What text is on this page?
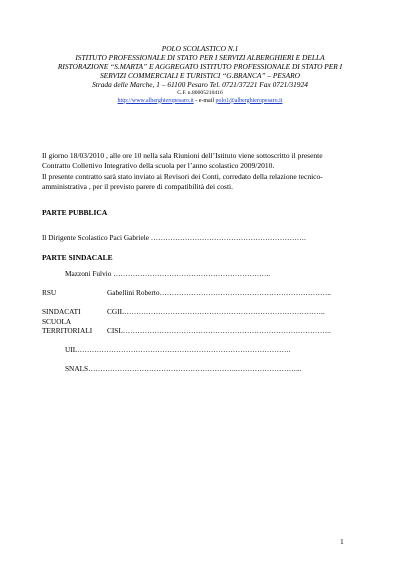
POLO SCOLASTICO N.1
ISTITUTO PROFESSIONALE DI STATO PER I SERVIZI ALBERGHIERI E DELLA
RISTORAZIONE “S.MARTA” E AGGREGATO ISTITUTO PROFESSIONALE DI STATO PER I
SERVIZI COMMERCIALI E TURISTICI “G.BRANCA” – PESARO
Strada delle Marche, 1 – 61100 Pesaro Tel. 0721/37221 Fax 0721/31924
C.F. n.80005210416
http://www.alberghieropesaro.it - e-mail polo1@alberghieropesaro.it
Il giorno 18/03/2010 , alle ore 10 nella sala Riunioni dell’Istituto viene sottoscritto il presente
Contratto Collettivo Integrativo della scuola per l’anno scolastico 2009/2010.
Il presente contratto sarà stato inviato ai Revisori dei Conti, corredato della relazione tecnico-
amministrativa , per il previsto parere di compatibilità dei costi.
PARTE PUBBLICA
Il Dirigente Scolastico Paci Gabriele ……………………………………………………….
PARTE SINDACALE
Mazzoni Fulvio ………………………………………………………..
RSU	Gabellini Roberto……………………………………………………………..
SINDACATI
SCUOLA
TERRITORIALI
CGIL………………………………………………………………………..
CISL…………………………………………………………………………..
UIL…………………………………………………………………………….
SNALS……………………………………………………..……………………...
1
